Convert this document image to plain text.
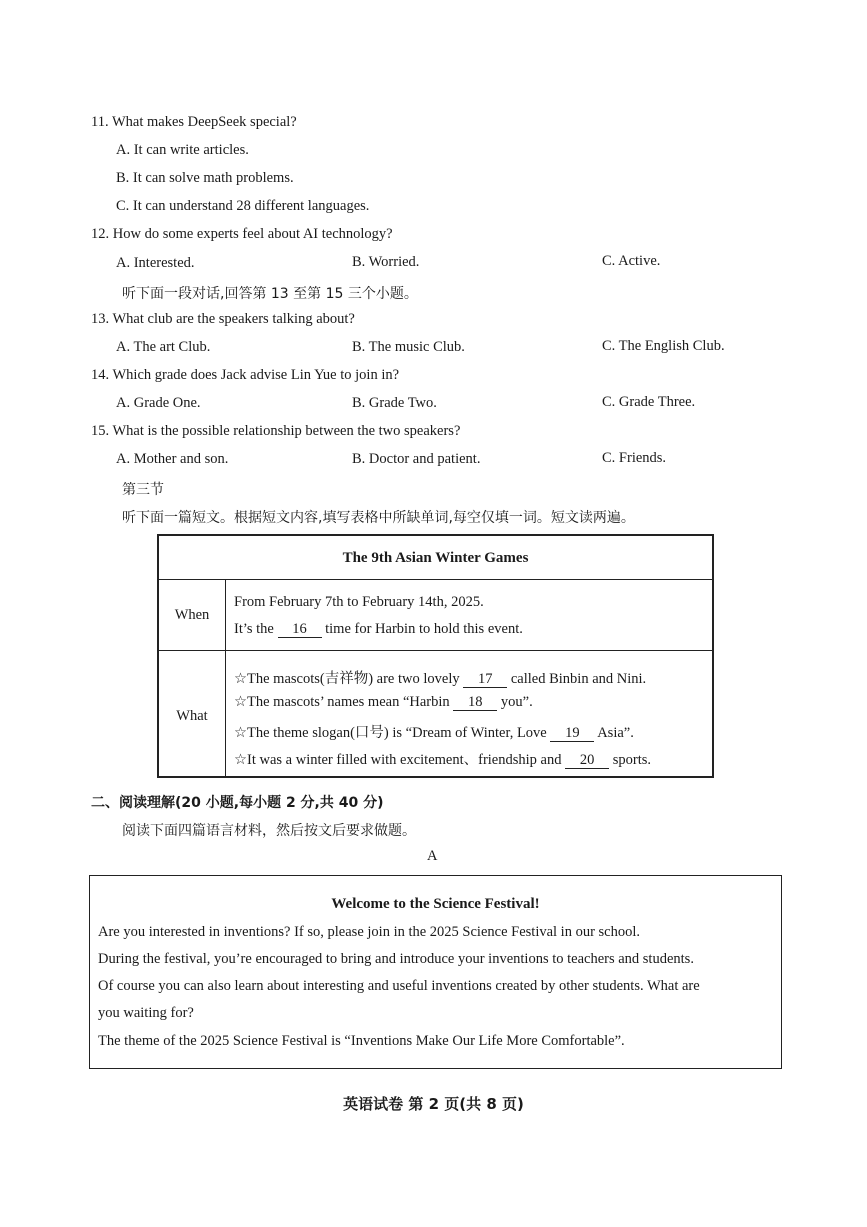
11. What makes DeepSeek special?
A. It can write articles.
B. It can solve math problems.
C. It can understand 28 different languages.
12. How do some experts feel about AI technology?
A. Interested.	B. Worried.	C. Active.
听下面一段对话,回答第 13 至第 15 三个小题。
13. What club are the speakers talking about?
A. The art Club.	B. The music Club.	C. The English Club.
14. Which grade does Jack advise Lin Yue to join in?
A. Grade One.	B. Grade Two.	C. Grade Three.
15. What is the possible relationship between the two speakers?
A. Mother and son.	B. Doctor and patient.	C. Friends.
第三节
听下面一篇短文。根据短文内容,填写表格中所缺单词,每空仅填一词。短文读两遍。
The 9th Asian Winter Games
When
From February 7th to February 14th, 2025.
It’s the 16 time for Harbin to hold this event.
What
☆The mascots(吉祥物) are two lovely 17 called Binbin and Nini.
☆The mascots’ names mean “Harbin 18 you”.
☆The theme slogan(口号) is “Dream of Winter, Love 19 Asia”.
☆It was a winter filled with excitement、friendship and 20 sports.
二、阅读理解(20 小题,每小题 2 分,共 40 分)
阅读下面四篇语言材料，然后按文后要求做题。
A
Welcome to the Science Festival!
Are you interested in inventions? If so, please join in the 2025 Science Festival in our school.
During the festival, you’re encouraged to bring and introduce your inventions to teachers and students.
Of course you can also learn about interesting and useful inventions created by other students. What are
you waiting for?
The theme of the 2025 Science Festival is “Inventions Make Our Life More Comfortable”.
英语试卷 第 2 页(共 8 页)
